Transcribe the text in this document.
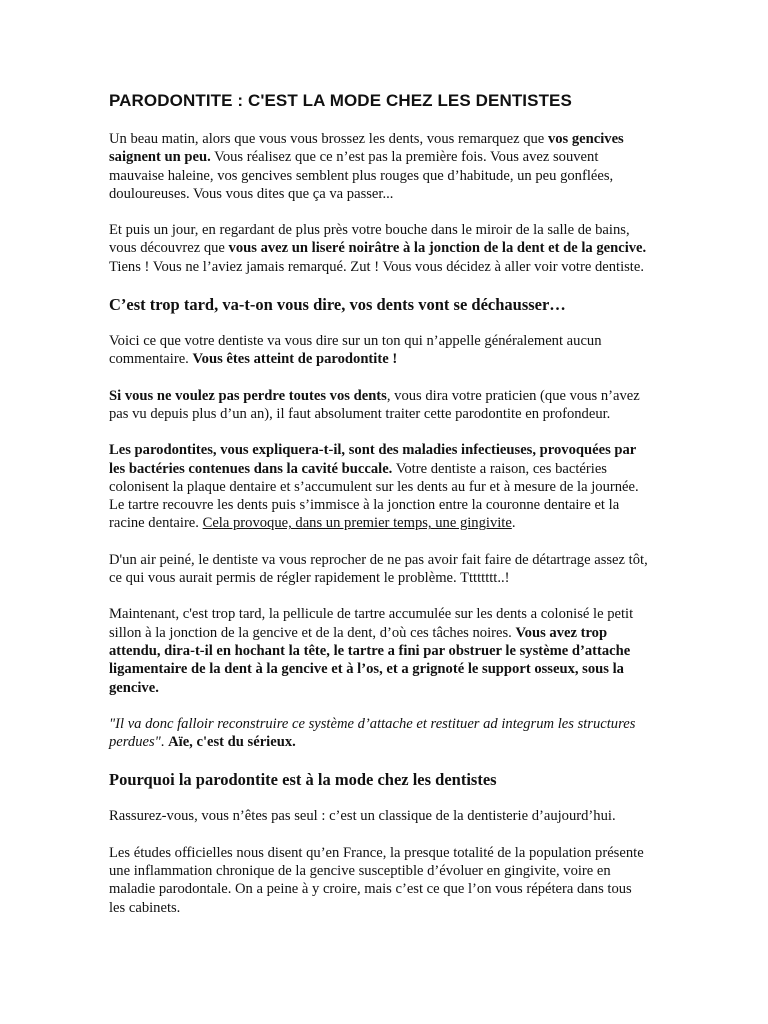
PARODONTITE : C'EST LA MODE CHEZ LES DENTISTES

Un beau matin, alors que vous vous brossez les dents, vous remarquez que vos gencives saignent un peu. Vous réalisez que ce n’est pas la première fois. Vous avez souvent mauvaise haleine, vos gencives semblent plus rouges que d’habitude, un peu gonflées, douloureuses. Vous vous dites que ça va passer...

Et puis un jour, en regardant de plus près votre bouche dans le miroir de la salle de bains, vous découvrez que vous avez un liseré noirâtre à la jonction de la dent et de la gencive. Tiens ! Vous ne l’aviez jamais remarqué. Zut ! Vous vous décidez à aller voir votre dentiste.

C’est trop tard, va-t-on vous dire, vos dents vont se déchausser…

Voici ce que votre dentiste va vous dire sur un ton qui n’appelle généralement aucun commentaire. Vous êtes atteint de parodontite !

Si vous ne voulez pas perdre toutes vos dents, vous dira votre praticien (que vous n’avez pas vu depuis plus d’un an), il faut absolument traiter cette parodontite en profondeur.

Les parodontites, vous expliquera-t-il, sont des maladies infectieuses, provoquées par les bactéries contenues dans la cavité buccale. Votre dentiste a raison, ces bactéries colonisent la plaque dentaire et s’accumulent sur les dents au fur et à mesure de la journée. Le tartre recouvre les dents puis s’immisce à la jonction entre la couronne dentaire et la racine dentaire. Cela provoque, dans un premier temps, une gingivite.

D'un air peiné, le dentiste va vous reprocher de ne pas avoir fait faire de détartrage assez tôt, ce qui vous aurait permis de régler rapidement le problème. Tttttttt..!

Maintenant, c'est trop tard, la pellicule de tartre accumulée sur les dents a colonisé le petit sillon à la jonction de la gencive et de la dent, d’où ces tâches noires. Vous avez trop attendu, dira-t-il en hochant la tête, le tartre a fini par obstruer le système d’attache ligamentaire de la dent à la gencive et à l’os, et a grignoté le support osseux, sous la gencive.

"Il va donc falloir reconstruire ce système d’attache et restituer ad integrum les structures perdues". Aïe, c'est du sérieux.

Pourquoi la parodontite est à la mode chez les dentistes

Rassurez-vous, vous n’êtes pas seul : c’est un classique de la dentisterie d’aujourd’hui.

Les études officielles nous disent qu’en France, la presque totalité de la population présente une inflammation chronique de la gencive susceptible d’évoluer en gingivite, voire en maladie parodontale. On a peine à y croire, mais c’est ce que l’on vous répétera dans tous les cabinets.
